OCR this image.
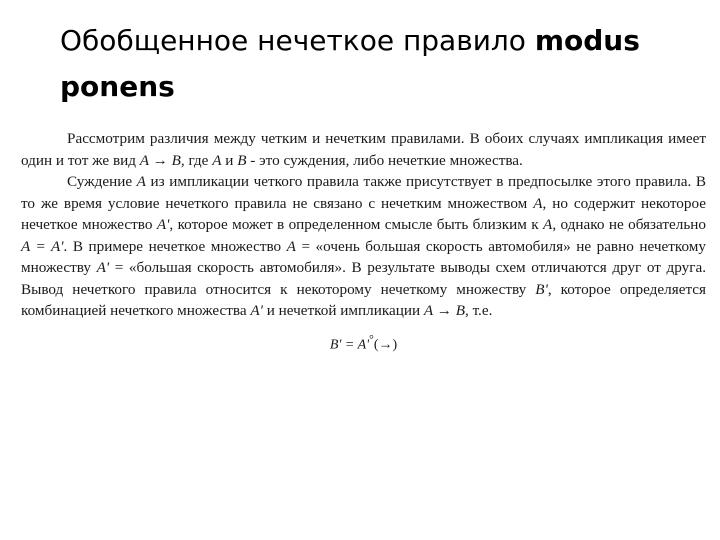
Обобщенное нечеткое правило modus ponens

Рассмотрим различия между четким и нечетким правилами. В обоих случаях импликация имеет один и тот же вид A → B, где A и B - это суждения, либо нечеткие множества.

Суждение A из импликации четкого правила также присутствует в предпосылке этого правила. В то же время условие нечеткого правила не связано с нечетким множеством A, но содержит некоторое нечеткое множество A', которое может в определенном смысле быть близким к A, однако не обязательно A = A'. В примере нечеткое множество A = «очень большая скорость автомобиля» не равно нечеткому множеству A' = «большая скорость автомобиля». В результате выводы схем отличаются друг от друга. Вывод нечеткого правила относится к некоторому нечеткому множеству B', которое определяется комбинацией нечеткого множества A' и нечеткой импликации A → B, т.е.

B' = A'°(→)
